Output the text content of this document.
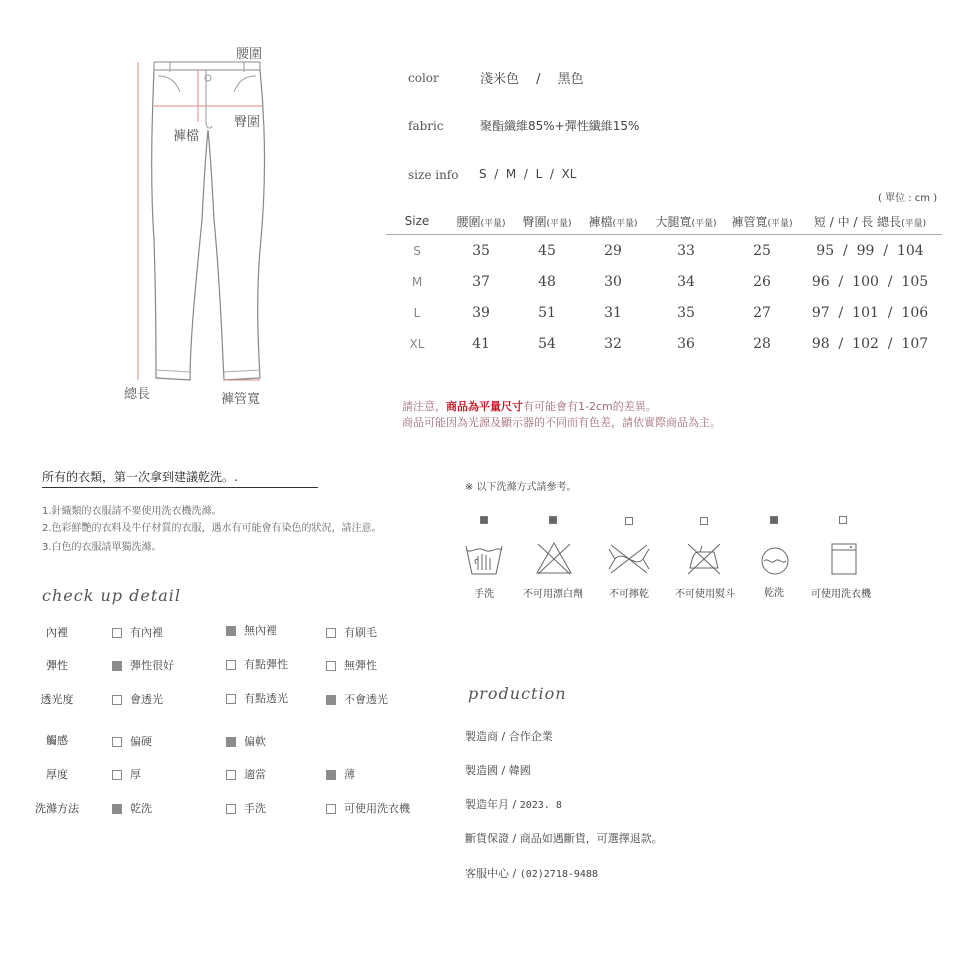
腰圍
臀圍
褲檔
總長	褲管寬
color	淺米色　 /　 黑色
fabric	聚酯纖維85%+彈性纖維15%
size info S  /  M  /  L  /  XL
( 單位 : cm )
Size	腰圍(平量)	臀圍(平量)	褲檔(平量)	大腿寬(平量)	褲管寬(平量)	短 / 中 / 長 總長(平量)
S	35	45	29	33	25	95  /  99  /  104
M	37	48	30	34	26	96  /  100  /  105
L	39	51	31	35	27	97  /  101  /  106
XL	41	54	32	36	28	98  /  102  /  107
請注意，商品為平量尺寸有可能會有1-2cm的差異。
商品可能因為光源及顯示器的不同而有色差，請依實際商品為主。
所有的衣類，第一次拿到建議乾洗。.
1.針織類的衣服請不要使用洗衣機洗滌。
2.色彩鮮艷的衣料及牛仔材質的衣服，遇水有可能會有染色的狀況，請注意。
3.白色的衣服請單獨洗滌。
※ 以下洗滌方式請參考。
手洗	不可用漂白劑	不可擰乾	不可使用熨斗	乾洗	可使用洗衣機
check up detail
內裡	有內裡	無內裡	有刷毛
彈性	彈性很好	有點彈性	無彈性
透光度	會透光	有點透光	不會透光
觸感	偏硬	偏軟
厚度	厚	適當	薄
洗滌方法	乾洗	手洗	可使用洗衣機
production
製造商 / 合作企業
製造國 / 韓國
製造年月 / 2023. 8
斷貨保證 / 商品如遇斷貨，可選擇退款。
客服中心 / (02)2718-9488
